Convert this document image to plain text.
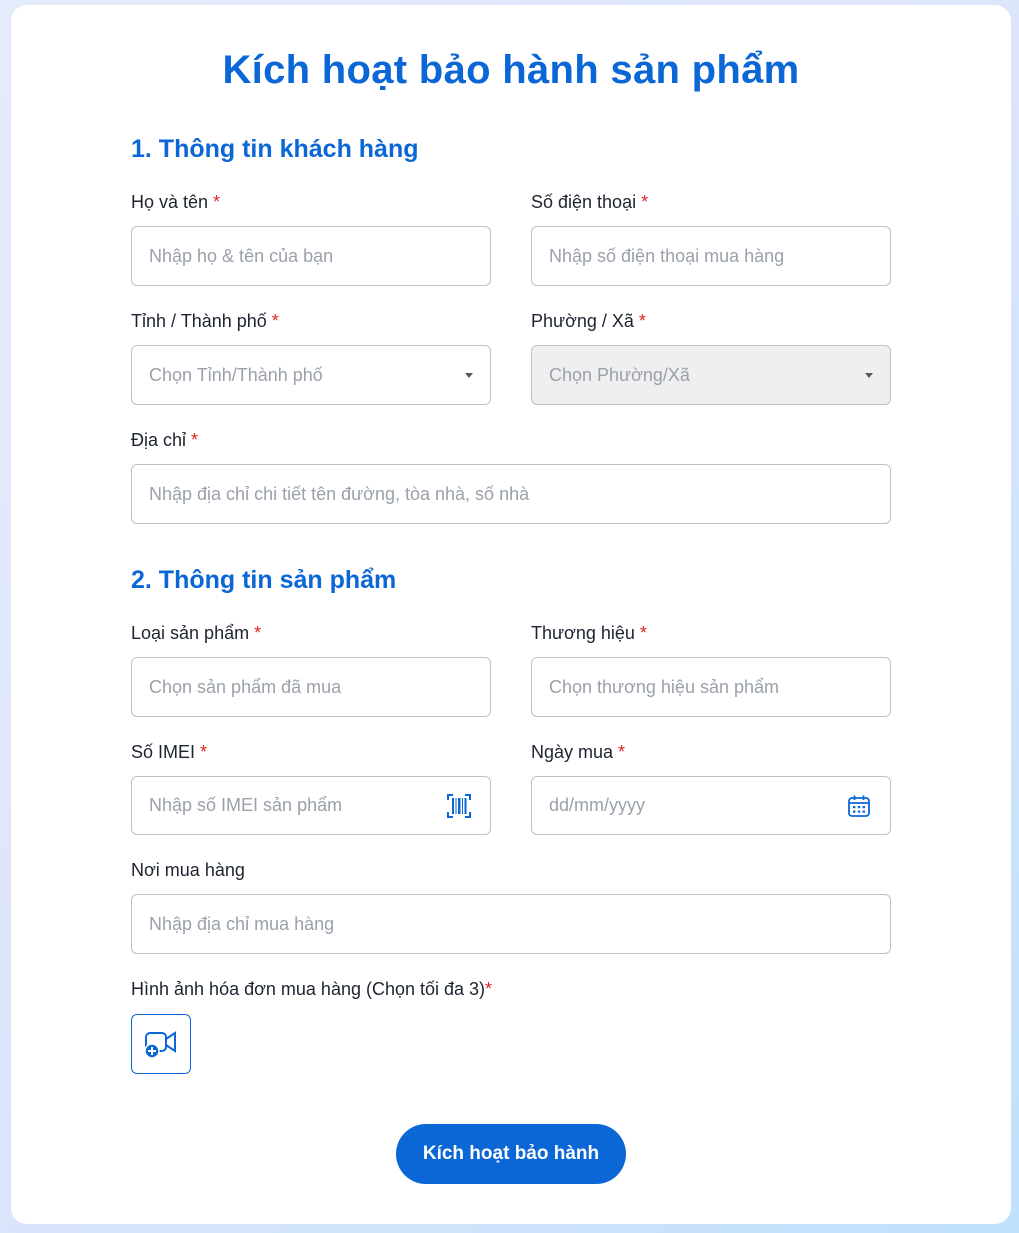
Kích hoạt bảo hành sản phẩm
1. Thông tin khách hàng
Họ và tên *
Nhập họ & tên của bạn
Số điện thoại *
Nhập số điện thoại mua hàng
Tỉnh / Thành phố *
Chọn Tỉnh/Thành phố
Phường / Xã *
Chọn Phường/Xã
Địa chỉ *
Nhập địa chỉ chi tiết tên đường, tòa nhà, số nhà
2. Thông tin sản phẩm
Loại sản phẩm *
Chọn sản phẩm đã mua
Thương hiệu *
Chọn thương hiệu sản phẩm
Số IMEI *
Nhập số IMEI sản phẩm
Ngày mua *
dd/mm/yyyy
Nơi mua hàng
Nhập địa chỉ mua hàng
Hình ảnh hóa đơn mua hàng (Chọn tối đa 3)*
Kích hoạt bảo hành
